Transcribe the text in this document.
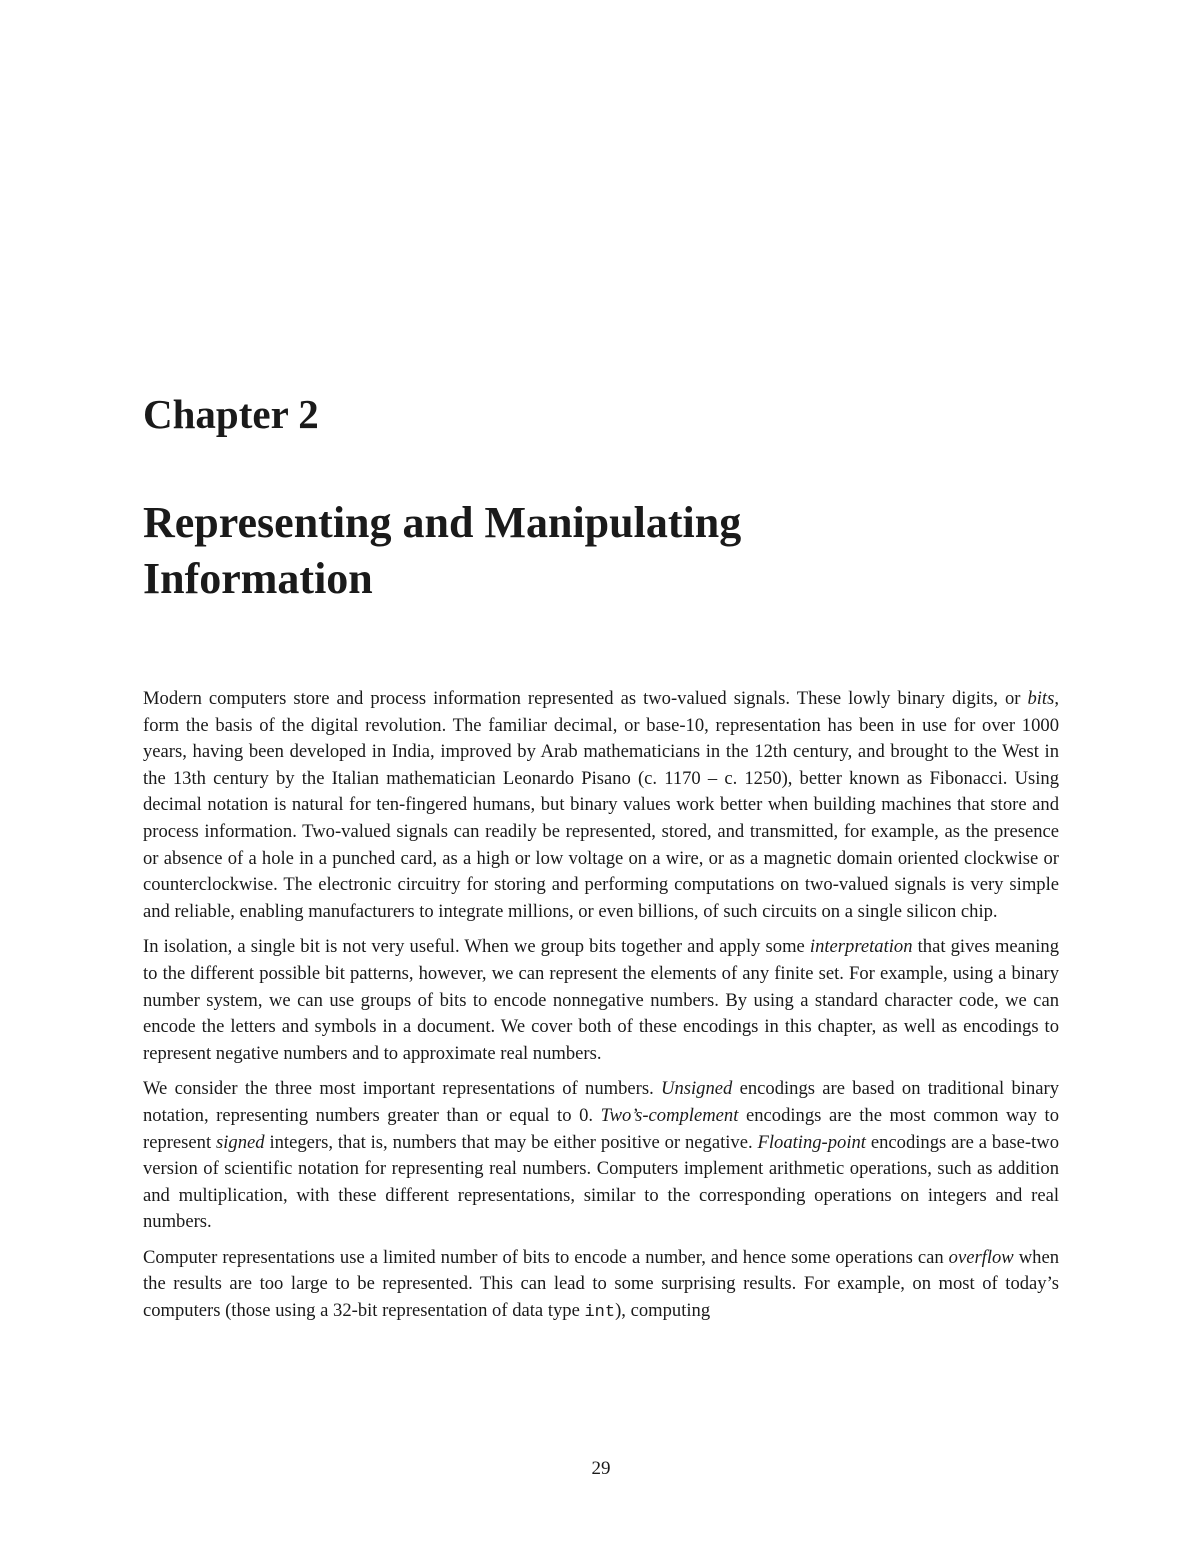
Chapter 2
Representing and Manipulating
Information

Modern computers store and process information represented as two-valued signals. These lowly binary digits, or bits, form the basis of the digital revolution. The familiar decimal, or base-10, representation has been in use for over 1000 years, having been developed in India, improved by Arab mathematicians in the 12th century, and brought to the West in the 13th century by the Italian mathematician Leonardo Pisano (c. 1170 – c. 1250), better known as Fibonacci. Using decimal notation is natural for ten-fingered humans, but binary values work better when building machines that store and process information. Two-valued signals can readily be represented, stored, and transmitted, for example, as the presence or absence of a hole in a punched card, as a high or low voltage on a wire, or as a magnetic domain oriented clockwise or counterclockwise. The electronic circuitry for storing and performing computations on two-valued signals is very simple and reliable, enabling manufacturers to integrate millions, or even billions, of such circuits on a single silicon chip.

In isolation, a single bit is not very useful. When we group bits together and apply some interpretation that gives meaning to the different possible bit patterns, however, we can represent the elements of any finite set. For example, using a binary number system, we can use groups of bits to encode nonnegative numbers. By using a standard character code, we can encode the letters and symbols in a document. We cover both of these encodings in this chapter, as well as encodings to represent negative numbers and to approximate real numbers.

We consider the three most important representations of numbers. Unsigned encodings are based on traditional binary notation, representing numbers greater than or equal to 0. Two’s-complement encodings are the most common way to represent signed integers, that is, numbers that may be either positive or negative. Floating-point encodings are a base-two version of scientific notation for representing real numbers. Computers implement arithmetic operations, such as addition and multiplication, with these different representations, similar to the corresponding operations on integers and real numbers.

Computer representations use a limited number of bits to encode a number, and hence some operations can overflow when the results are too large to be represented. This can lead to some surprising results. For example, on most of today’s computers (those using a 32-bit representation of data type int), computing

29
